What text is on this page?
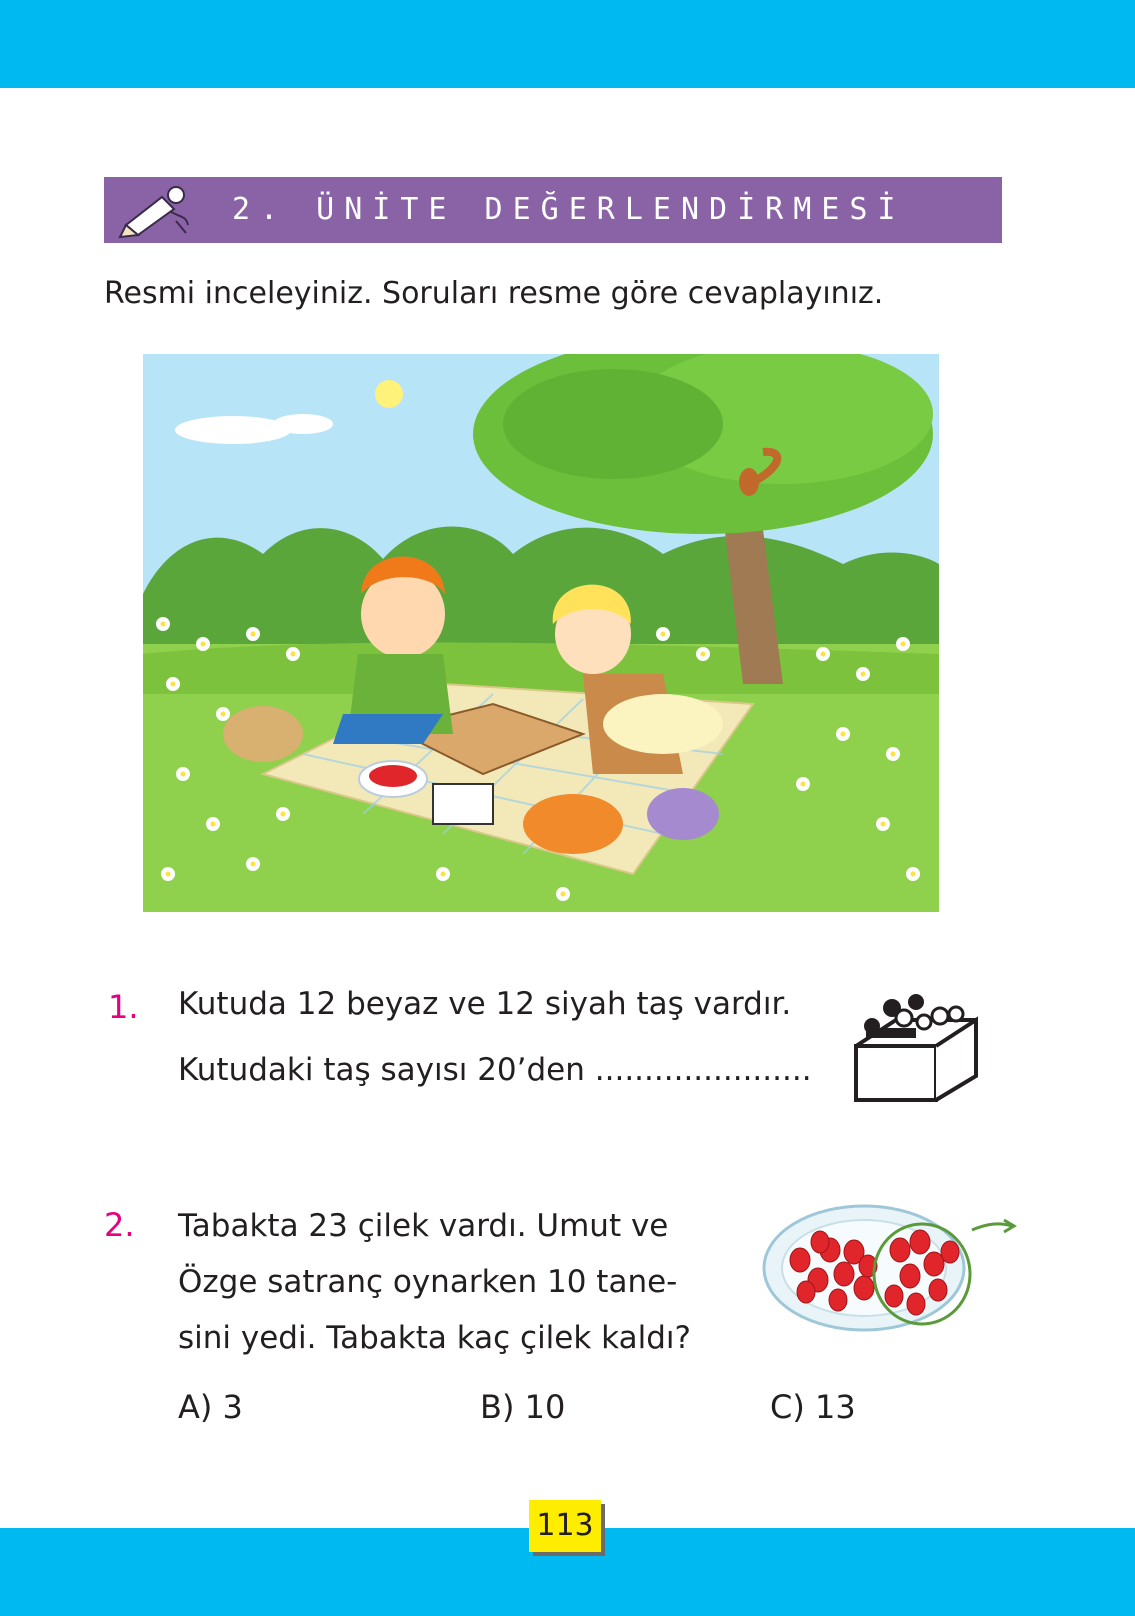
2. ÜNİTE DEĞERLENDİRMESİ
Resmi inceleyiniz. Soruları resme göre cevaplayınız.
1. Kutuda 12 beyaz ve 12 siyah taş vardır.
Kutudaki taş sayısı 20’den ......................
2. Tabakta 23 çilek vardı. Umut ve
Özge satranç oynarken 10 tane-
sini yedi. Tabakta kaç çilek kaldı?
A) 3	B) 10	C) 13
113
